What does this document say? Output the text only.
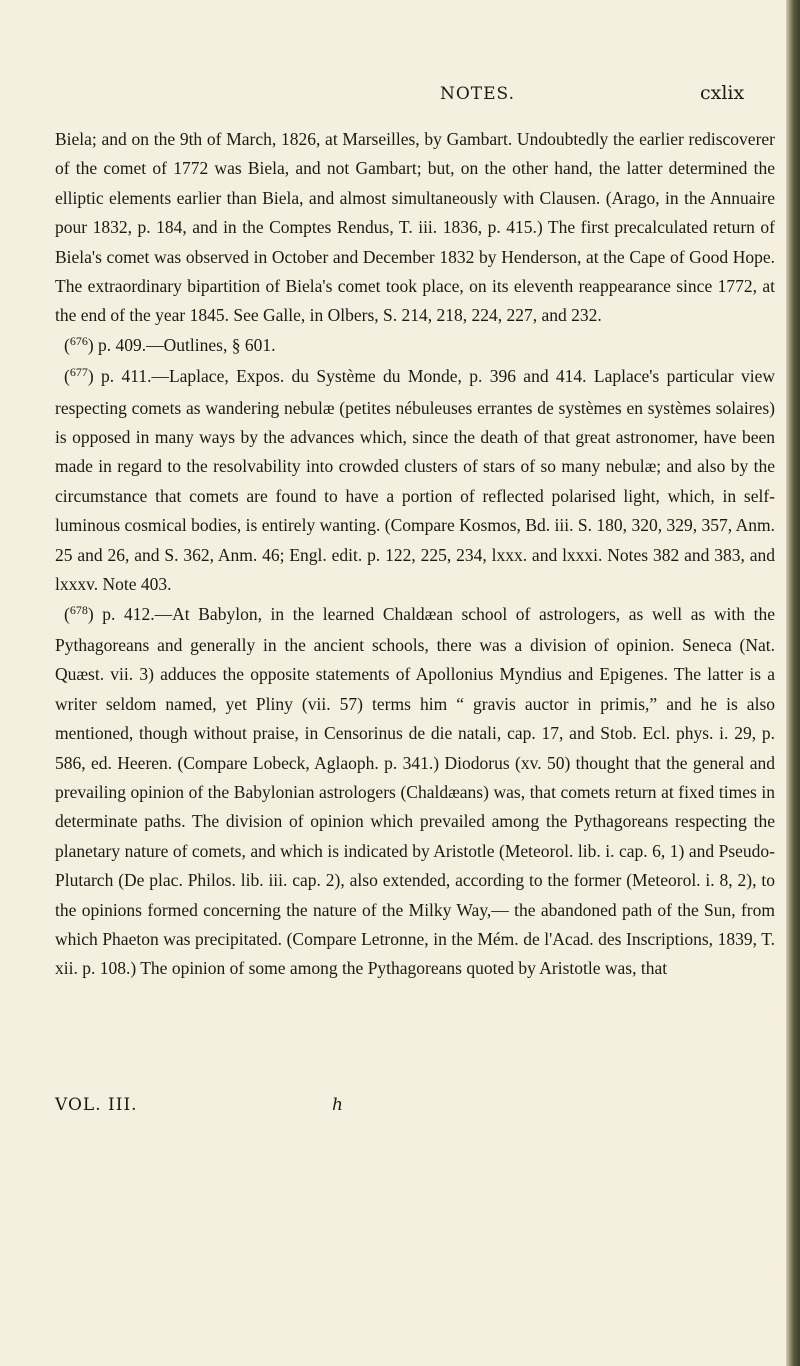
NOTES.	cxlix

Biela; and on the 9th of March, 1826, at Marseilles, by Gambart. Undoubtedly the earlier rediscoverer of the comet of 1772 was Biela, and not Gambart; but, on the other hand, the latter determined the elliptic elements earlier than Biela, and almost simultaneously with Clausen. (Arago, in the Annuaire pour 1832, p. 184, and in the Comptes Rendus, T. iii. 1836, p. 415.) The first precalculated return of Biela's comet was observed in October and December 1832 by Henderson, at the Cape of Good Hope. The extraordinary bipartition of Biela's comet took place, on its eleventh reappearance since 1772, at the end of the year 1845. See Galle, in Olbers, S. 214, 218, 224, 227, and 232.

($^{676}$) p. 409.—Outlines, § 601.

($^{677}$) p. 411.—Laplace, Expos. du Système du Monde, p. 396 and 414. Laplace's particular view respecting comets as wandering nebulæ (petites nébuleuses errantes de systèmes en systèmes solaires) is opposed in many ways by the advances which, since the death of that great astronomer, have been made in regard to the resolvability into crowded clusters of stars of so many nebulæ; and also by the circumstance that comets are found to have a portion of reflected polarised light, which, in self-luminous cosmical bodies, is entirely wanting. (Compare Kosmos, Bd. iii. S. 180, 320, 329, 357, Anm. 25 and 26, and S. 362, Anm. 46; Engl. edit. p. 122, 225, 234, lxxx. and lxxxi. Notes 382 and 383, and lxxxv. Note 403.

($^{678}$) p. 412.—At Babylon, in the learned Chaldæan school of astrologers, as well as with the Pythagoreans and generally in the ancient schools, there was a division of opinion. Seneca (Nat. Quæst. vii. 3) adduces the opposite statements of Apollonius Myndius and Epigenes. The latter is a writer seldom named, yet Pliny (vii. 57) terms him “ gravis auctor in primis,” and he is also mentioned, though without praise, in Censorinus de die natali, cap. 17, and Stob. Ecl. phys. i. 29, p. 586, ed. Heeren. (Compare Lobeck, Aglaoph. p. 341.) Diodorus (xv. 50) thought that the general and prevailing opinion of the Babylonian astrologers (Chaldæans) was, that comets return at fixed times in determinate paths. The division of opinion which prevailed among the Pythagoreans respecting the planetary nature of comets, and which is indicated by Aristotle (Meteorol. lib. i. cap. 6, 1) and Pseudo-Plutarch (De plac. Philos. lib. iii. cap. 2), also extended, according to the former (Meteorol. i. 8, 2), to the opinions formed concerning the nature of the Milky Way,— the abandoned path of the Sun, from which Phaeton was precipitated. (Compare Letronne, in the Mém. de l'Acad. des Inscriptions, 1839, T. xii. p. 108.) The opinion of some among the Pythagoreans quoted by Aristotle was, that

VOL. III.	h
